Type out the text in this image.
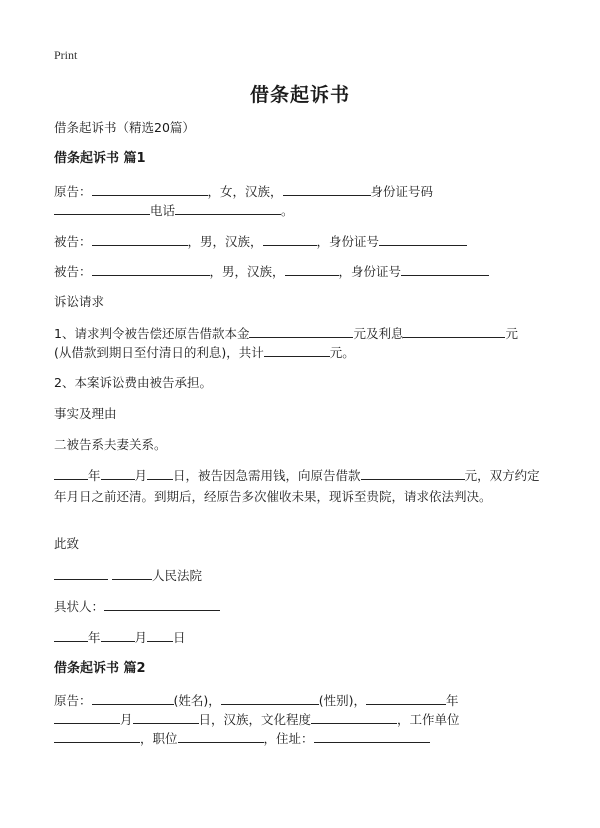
Print
借条起诉书
借条起诉书（精选20篇）
借条起诉书 篇1
原告：	，女，汉族，	身份证号码
电话	。
被告：	，男，汉族，	，身份证号
被告：	，男，汉族，	，身份证号
诉讼请求
1、请求判令被告偿还原告借款本金	元及利息	元
(从借款到期日至付清日的利息)，共计	元。
2、本案诉讼费由被告承担。
事实及理由
二被告系夫妻关系。
年	月 日，被告因急需用钱，向原告借款	元，双方约定年月日之前还清。到期后，经原告多次催收未果，现诉至贵院，请求依法判决。
此致
人民法院
具状人：
年	月 日
借条起诉书 篇2
原告：	(姓名)，	(性别)，	年
月	日，汉族，文化程度	，工作单位
，职位	，住址：
